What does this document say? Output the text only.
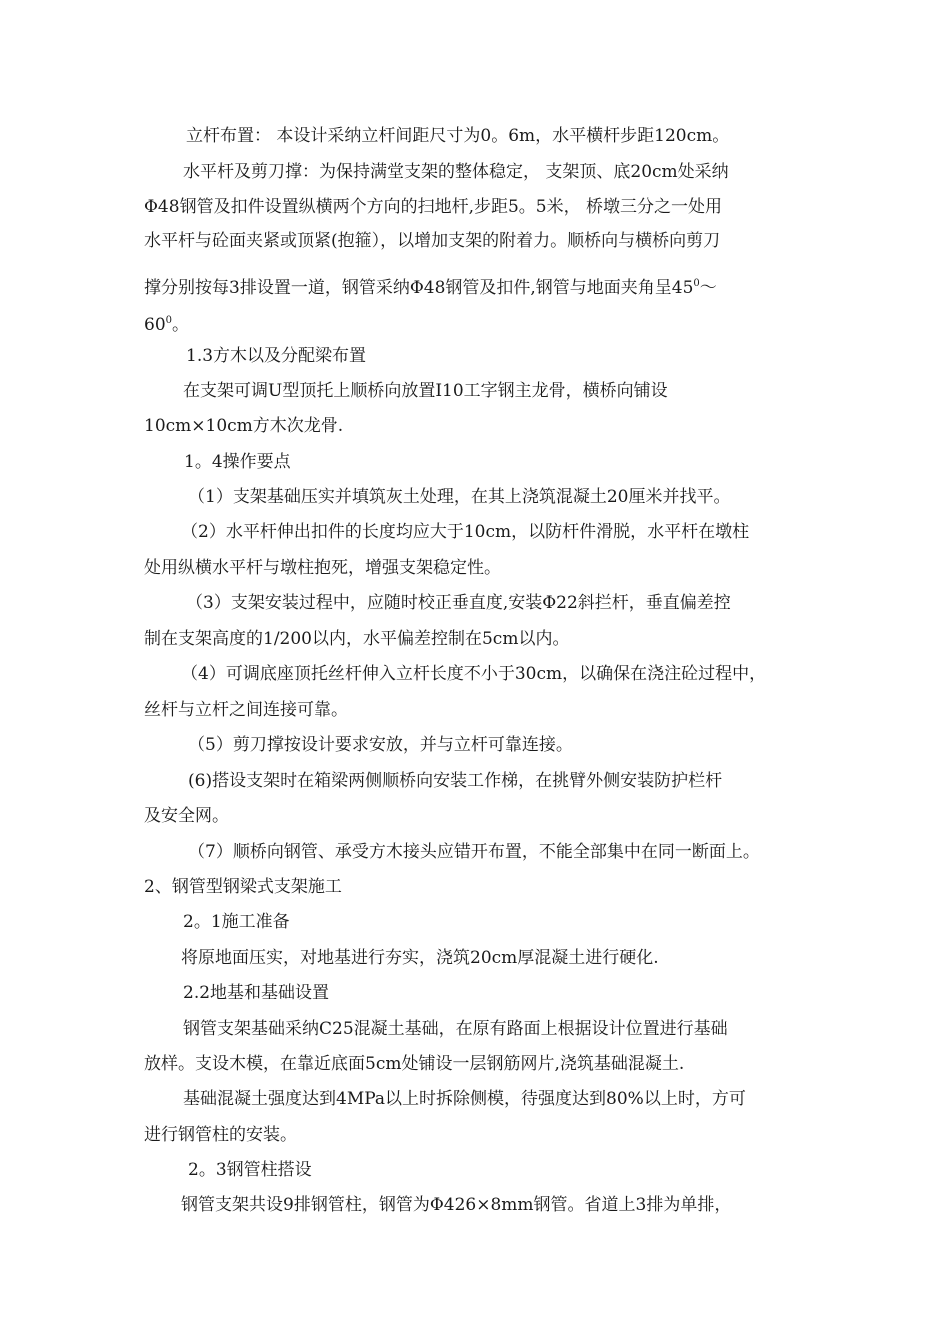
立杆布置： 本设计采纳立杆间距尺寸为0。6m，水平横杆步距120cm。
水平杆及剪刀撑：为保持满堂支架的整体稳定， 支架顶、底20cm处采纳
Φ48钢管及扣件设置纵横两个方向的扫地杆,步距5。5米， 桥墩三分之一处用
水平杆与砼面夹紧或顶紧(抱箍），以增加支架的附着力。顺桥向与横桥向剪刀
撑分别按每3排设置一道，钢管采纳Φ48钢管及扣件,钢管与地面夹角呈$45^0\sim$
$60^0$。
1.3方木以及分配梁布置
在支架可调U型顶托上顺桥向放置I10工字钢主龙骨，横桥向铺设
10cm×10cm方木次龙骨.
1。4操作要点
（1）支架基础压实并填筑灰土处理，在其上浇筑混凝土20厘米并找平。
（2）水平杆伸出扣件的长度均应大于10cm，以防杆件滑脱，水平杆在墩柱
处用纵横水平杆与墩柱抱死，增强支架稳定性。
（3）支架安装过程中，应随时校正垂直度,安装Φ22斜拦杆，垂直偏差控
制在支架高度的1/200以内，水平偏差控制在5cm以内。
（4）可调底座顶托丝杆伸入立杆长度不小于30cm，以确保在浇注砼过程中，
丝杆与立杆之间连接可靠。
（5）剪刀撑按设计要求安放，并与立杆可靠连接。
(6)搭设支架时在箱梁两侧顺桥向安装工作梯，在挑臂外侧安装防护栏杆
及安全网。
（7）顺桥向钢管、承受方木接头应错开布置，不能全部集中在同一断面上。
2、钢管型钢梁式支架施工
2。1施工准备
将原地面压实，对地基进行夯实，浇筑20cm厚混凝土进行硬化.
2.2地基和基础设置
钢管支架基础采纳C25混凝土基础，在原有路面上根据设计位置进行基础
放样。支设木模，在靠近底面5cm处铺设一层钢筋网片,浇筑基础混凝土.
基础混凝土强度达到4MPa以上时拆除侧模，待强度达到80%以上时，方可
进行钢管柱的安装。
2。3钢管柱搭设
钢管支架共设9排钢管柱，钢管为Φ426×8mm钢管。省道上3排为单排，
